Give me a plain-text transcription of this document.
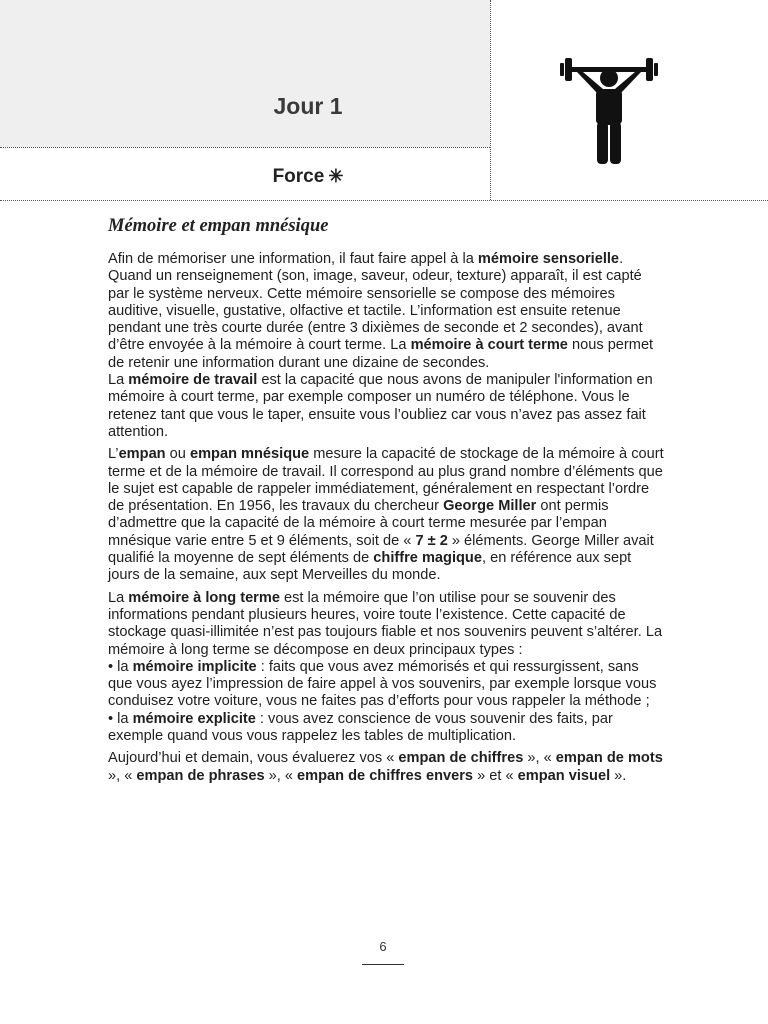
Jour 1
Force ✳
Mémoire et empan mnésique

Afin de mémoriser une information, il faut faire appel à la mémoire sensorielle. Quand un renseignement (son, image, saveur, odeur, texture) apparaît, il est capté par le système nerveux. Cette mémoire sensorielle se compose des mémoires auditive, visuelle, gustative, olfactive et tactile. L’information est ensuite retenue pendant une très courte durée (entre 3 dixièmes de seconde et 2 secondes), avant d’être envoyée à la mémoire à court terme. La mémoire à court terme nous permet de retenir une information durant une dizaine de secondes.
La mémoire de travail est la capacité que nous avons de manipuler l'information en mémoire à court terme, par exemple composer un numéro de téléphone. Vous le retenez tant que vous le taper, ensuite vous l’oubliez car vous n’avez pas assez fait attention.

L’empan ou empan mnésique mesure la capacité de stockage de la mémoire à court terme et de la mémoire de travail. Il correspond au plus grand nombre d’éléments que le sujet est capable de rappeler immédiatement, généralement en respectant l’ordre de présentation. En 1956, les travaux du chercheur George Miller ont permis d’admettre que la capacité de la mémoire à court terme mesurée par l’empan mnésique varie entre 5 et 9 éléments, soit de « 7 ± 2 » éléments. George Miller avait qualifié la moyenne de sept éléments de chiffre magique, en référence aux sept jours de la semaine, aux sept Merveilles du monde.

La mémoire à long terme est la mémoire que l’on utilise pour se souvenir des informations pendant plusieurs heures, voire toute l’existence. Cette capacité de stockage quasi-illimitée n’est pas toujours fiable et nos souvenirs peuvent s’altérer. La mémoire à long terme se décompose en deux principaux types :
• la mémoire implicite : faits que vous avez mémorisés et qui ressurgissent, sans que vous ayez l’impression de faire appel à vos souvenirs, par exemple lorsque vous conduisez votre voiture, vous ne faites pas d’efforts pour vous rappeler la méthode ;
• la mémoire explicite : vous avez conscience de vous souvenir des faits, par exemple quand vous vous rappelez les tables de multiplication.

Aujourd’hui et demain, vous évaluerez vos « empan de chiffres », « empan de mots », « empan de phrases », « empan de chiffres envers » et « empan visuel ».

6
